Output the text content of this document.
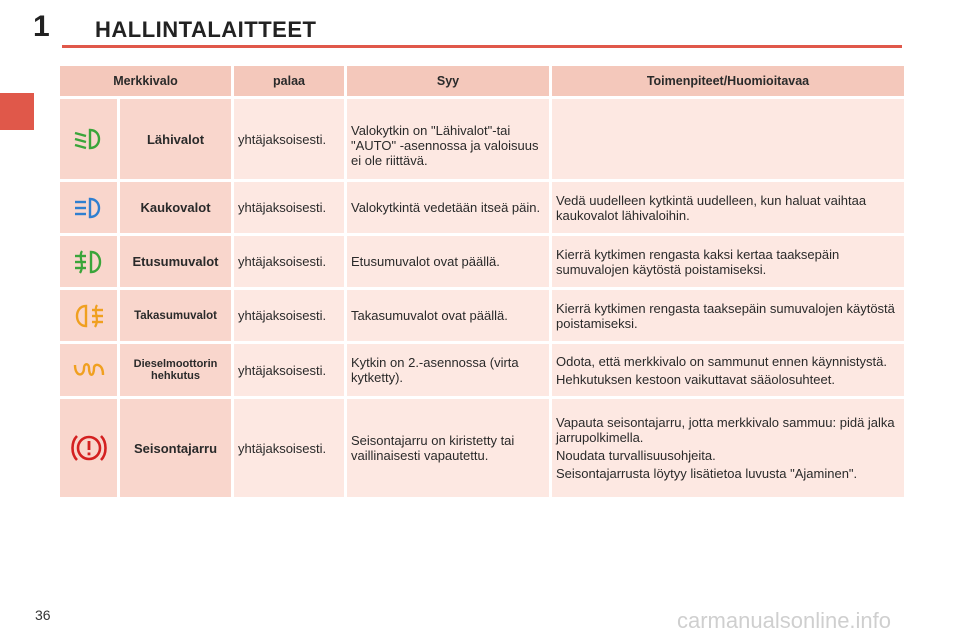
1 HALLINTALAITTEET
Merkkivalo		palaa	Syy	Toimenpiteet/Huomioitavaa

	Lähivalot	yhtäjaksoisesti.	Valokytkin on "Lähivalot"-tai "AUTO" -asennossa ja valoisuus ei ole riittävä.	

	Kaukovalot	yhtäjaksoisesti.	Valokytkintä vedetään itseä päin.	Vedä uudelleen kytkintä uudelleen, kun haluat vaihtaa kaukovalot lähivaloihin.

	Etusumuvalot	yhtäjaksoisesti.	Etusumuvalot ovat päällä.	Kierrä kytkimen rengasta kaksi kertaa taaksepäin sumuvalojen käytöstä poistamiseksi.

	Takasumuvalot	yhtäjaksoisesti.	Takasumuvalot ovat päällä.	Kierrä kytkimen rengasta taaksepäin sumuvalojen käytöstä poistamiseksi.

	Dieselmoottorin hehkutus	yhtäjaksoisesti.	Kytkin on 2.-asennossa (virta kytketty).	Odota, että merkkivalo on sammunut ennen käynnistystä.
Hehkutuksen kestoon vaikuttavat sääolosuhteet.

	Seisontajarru	yhtäjaksoisesti.	Seisontajarru on kiristetty tai vaillinaisesti vapautettu.	Vapauta seisontajarru, jotta merkkivalo sammuu: pidä jalka jarrupolkimella.
Noudata turvallisuusohjeita.
Seisontajarrusta löytyy lisätietoa luvusta "Ajaminen".
36	carmanualsonline.info
